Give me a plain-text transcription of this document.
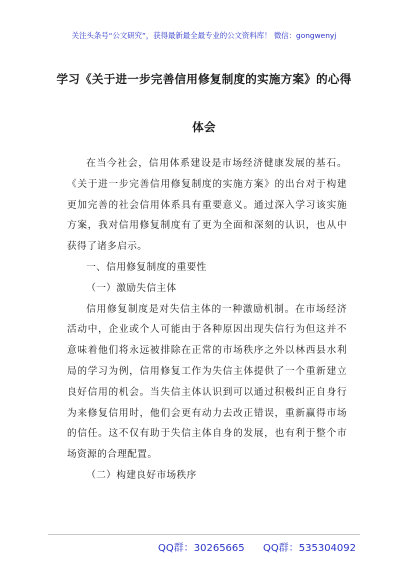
关注头条号“公文研究”，获得最新最全最专业的公文资料库！ 微信：gongwenyj
学习《关于进一步完善信用修复制度的实施方案》的心得
体会

在当今社会，信用体系建设是市场经济健康发展的基石。《关于进一步完善信用修复制度的实施方案》的出台对于构建更加完善的社会信用体系具有重要意义。通过深入学习该实施方案，我对信用修复制度有了更为全面和深刻的认识，也从中获得了诸多启示。

一、信用修复制度的重要性

（一）激励失信主体

信用修复制度是对失信主体的一种激励机制。在市场经济活动中，企业或个人可能由于各种原因出现失信行为但这并不意味着他们将永远被排除在正常的市场秩序之外以林西县水利局的学习为例，信用修复工作为失信主体提供了一个重新建立良好信用的机会。当失信主体认识到可以通过积极纠正自身行为来修复信用时，他们会更有动力去改正错误，重新赢得市场的信任。这不仅有助于失信主体自身的发展，也有利于整个市场资源的合理配置。

（二）构建良好市场秩序

QQ群：30265665 QQ群：535304092
